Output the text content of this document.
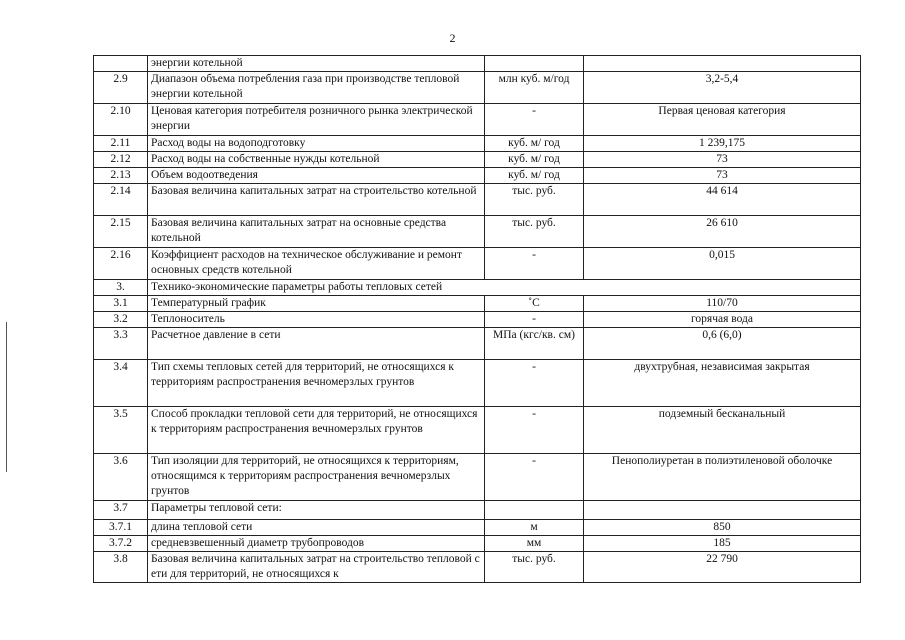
2
	энергии котельной		
2.9	Диапазон объема потребления газа при производстве тепловой энергии котельной	млн куб. м/год	3,2-5,4
2.10	Ценовая категория потребителя розничного рынка электрической энергии	-	Первая ценовая категория
2.11	Расход воды на водоподготовку	куб. м/ год	1 239,175
2.12	Расход воды на собственные нужды котельной	куб. м/ год	73
2.13	Объем водоотведения	куб. м/ год	73
2.14	Базовая величина капитальных затрат на строительство котельной	тыс. руб.	44 614
2.15	Базовая величина капитальных затрат на основные средства котельной	тыс. руб.	26 610
2.16	Коэффициент расходов на техническое обслуживание и ремонт основных средств котельной	-	0,015
3.	Технико-экономические параметры работы тепловых сетей		
3.1	Температурный график	˚С	110/70
3.2	Теплоноситель	-	горячая вода
3.3	Расчетное давление в сети	МПа (кгс/кв. см)	0,6 (6,0)
3.4	Тип схемы тепловых сетей для территорий, не относящихся к территориям распространения вечномерзлых грунтов	-	двухтрубная, независимая закрытая
3.5	Способ прокладки тепловой сети для территорий, не относящихся к территориям распространения вечномерзлых грунтов	-	подземный бесканальный
3.6	Тип изоляции для территорий, не относящихся к территориям, относящимся к территориям распространения вечномерзлых грунтов	-	Пенополиуретан в полиэтиленовой оболочке
3.7	Параметры тепловой сети:		
3.7.1	длина тепловой сети	м	850
3.7.2	средневзвешенный диаметр трубопроводов	мм	185
3.8	Базовая величина капитальных затрат на строительство тепловой с ети для территорий, не относящихся к	тыс. руб.	22 790
